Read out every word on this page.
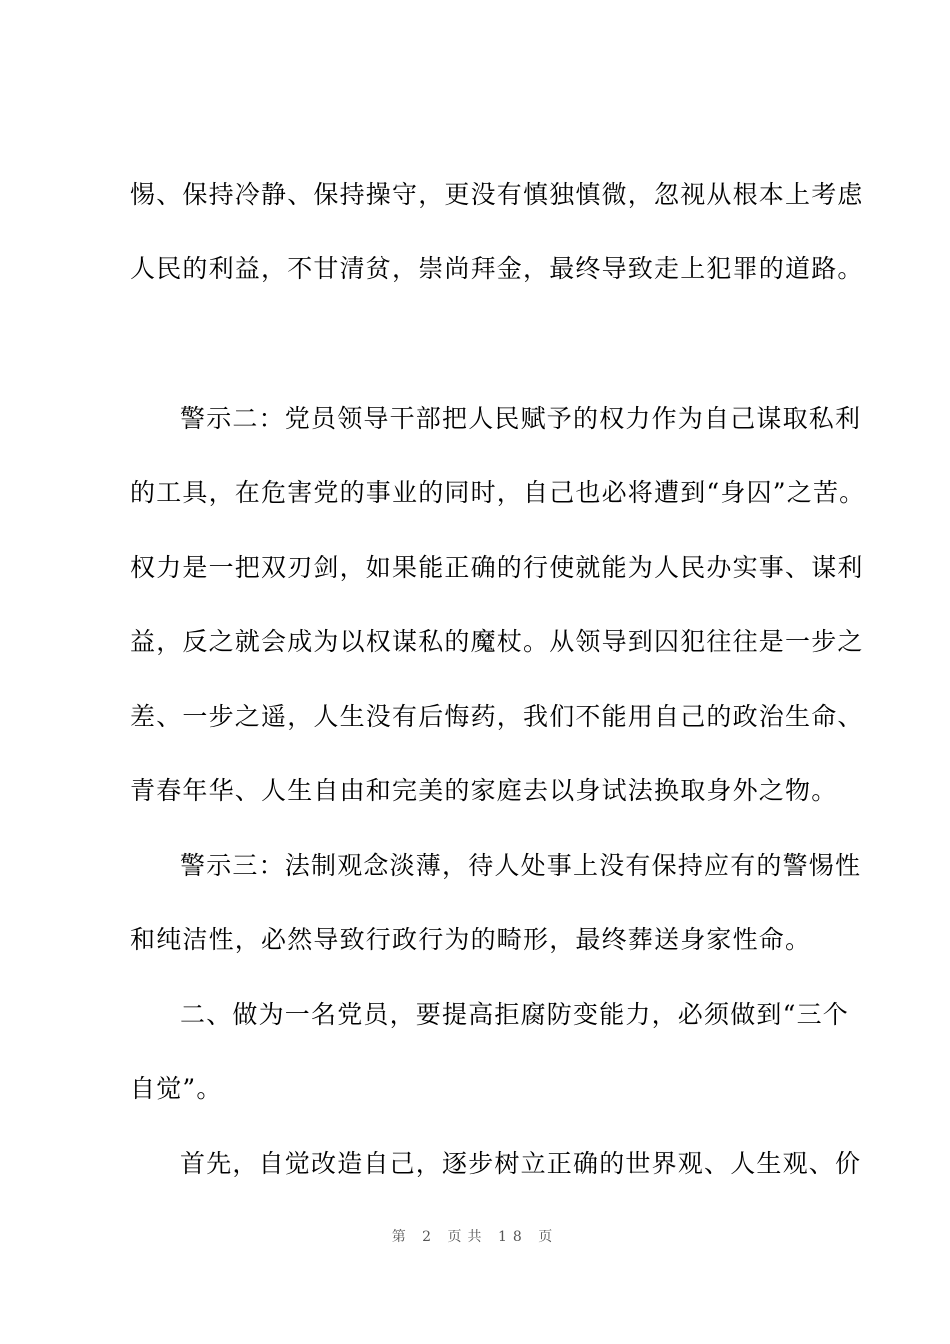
惕、保持冷静、保持操守，更没有慎独慎微，忽视从根本上考虑
人民的利益，不甘清贫，崇尚拜金，最终导致走上犯罪的道路。
警示二：党员领导干部把人民赋予的权力作为自己谋取私利
的工具，在危害党的事业的同时，自己也必将遭到“身囚”之苦。
权力是一把双刃剑，如果能正确的行使就能为人民办实事、谋利
益，反之就会成为以权谋私的魔杖。从领导到囚犯往往是一步之
差、一步之遥，人生没有后悔药，我们不能用自己的政治生命、
青春年华、人生自由和完美的家庭去以身试法换取身外之物。
警示三：法制观念淡薄，待人处事上没有保持应有的警惕性
和纯洁性，必然导致行政行为的畸形，最终葬送身家性命。
二、做为一名党员，要提高拒腐防变能力，必须做到“三个
自觉”。
首先，自觉改造自己，逐步树立正确的世界观、人生观、价
第 2 页共 18 页
